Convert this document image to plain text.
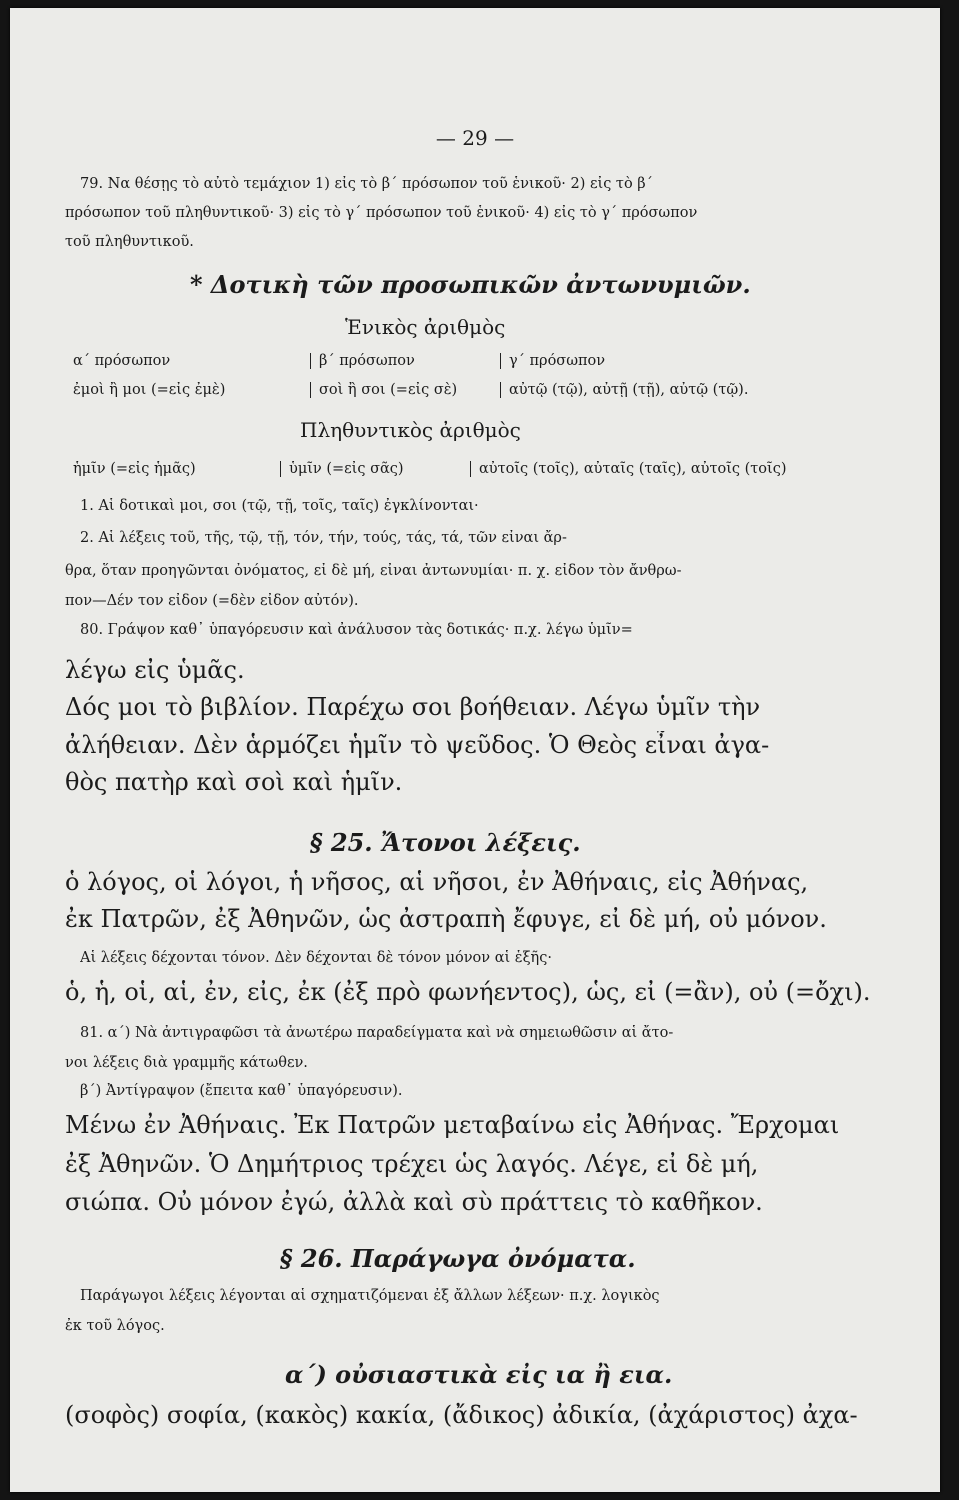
— 29 —
79. Να θέσῃς τὸ αὐτὸ τεμάχιον 1) εἰς τὸ β΄ πρόσωπον τοῦ ἑνικοῦ· 2) εἰς τὸ β΄
πρόσωπον τοῦ πληθυντικοῦ· 3) εἰς τὸ γ΄ πρόσωπον τοῦ ἑνικοῦ· 4) εἰς τὸ γ΄ πρόσωπον
τοῦ πληθυντικοῦ.
* Δοτικὴ τῶν προσωπικῶν ἀντωνυμιῶν.
Ἑνικὸς ἀριθμὸς
α΄ πρόσωπον	β΄ πρόσωπον	γ΄ πρόσωπον
ἐμοὶ ἢ μοι (=εἰς ἐμὲ)	σοὶ ἢ σοι (=εἰς σὲ)	αὐτῷ (τῷ), αὐτῇ (τῇ), αὐτῷ (τῷ).
Πληθυντικὸς ἀριθμὸς
ἡμῖν (=εἰς ἡμᾶς)	ὑμῖν (=εἰς σᾶς)	αὐτοῖς (τοῖς), αὐταῖς (ταῖς), αὐτοῖς (τοῖς)
1. Αἱ δοτικαὶ μοι, σοι (τῷ, τῇ, τοῖς, ταῖς) ἐγκλίνονται·
2. Αἱ λέξεις τοῦ, τῆς, τῷ, τῇ, τόν, τήν, τούς, τάς, τά, τῶν εἶναι ἄρ-
θρα, ὅταν προηγῶνται ὀνόματος, εἰ δὲ μή, εἶναι ἀντωνυμίαι· π. χ. εἶδον τὸν ἄνθρω-
πον—Δέν τον εἶδον (=δὲν εἶδον αὐτόν).
80. Γράψον καθ᾽ ὑπαγόρευσιν καὶ ἀνάλυσον τὰς δοτικάς· π.χ. λέγω ὑμῖν=
λέγω εἰς ὑμᾶς.
Δός μοι τὸ βιβλίον. Παρέχω σοι βοήθειαν. Λέγω ὑμῖν τὴν
ἀλήθειαν. Δὲν ἁρμόζει ἡμῖν τὸ ψεῦδος. Ὁ Θεὸς εἶναι ἀγα-
θὸς πατὴρ καὶ σοὶ καὶ ἡμῖν.
§ 25. Ἄτονοι λέξεις.
ὁ λόγος, οἱ λόγοι, ἡ νῆσος, αἱ νῆσοι, ἐν Ἀθήναις, εἰς Ἀθήνας,
ἐκ Πατρῶν, ἐξ Ἀθηνῶν, ὡς ἀστραπὴ ἔφυγε, εἰ δὲ μή, οὐ μόνον.
Αἱ λέξεις δέχονται τόνον. Δὲν δέχονται δὲ τόνον μόνον αἱ ἑξῆς·
ὁ, ἡ, οἱ, αἱ, ἐν, εἰς, ἐκ (ἐξ πρὸ φωνήεντος), ὡς, εἰ (=ἂν), οὐ (=ὄχι).
81. α΄) Νὰ ἀντιγραφῶσι τὰ ἀνωτέρω παραδείγματα καὶ νὰ σημειωθῶσιν αἱ ἄτο-
νοι λέξεις διὰ γραμμῆς κάτωθεν.
β΄) Ἀντίγραψον (ἔπειτα καθ᾽ ὑπαγόρευσιν).
Μένω ἐν Ἀθήναις. Ἐκ Πατρῶν μεταβαίνω εἰς Ἀθήνας. Ἔρχομαι
ἐξ Ἀθηνῶν. Ὁ Δημήτριος τρέχει ὡς λαγός. Λέγε, εἰ δὲ μή,
σιώπα. Οὐ μόνον ἐγώ, ἀλλὰ καὶ σὺ πράττεις τὸ καθῆκον.
§ 26. Παράγωγα ὀνόματα.
Παράγωγοι λέξεις λέγονται αἱ σχηματιζόμεναι ἐξ ἄλλων λέξεων· π.χ. λογικὸς
ἐκ τοῦ λόγος.
α΄) οὐσιαστικὰ εἰς ια ἢ εια.
(σοφὸς) σοφία, (κακὸς) κακία, (ἄδικος) ἀδικία, (ἀχάριστος) ἀχα-
